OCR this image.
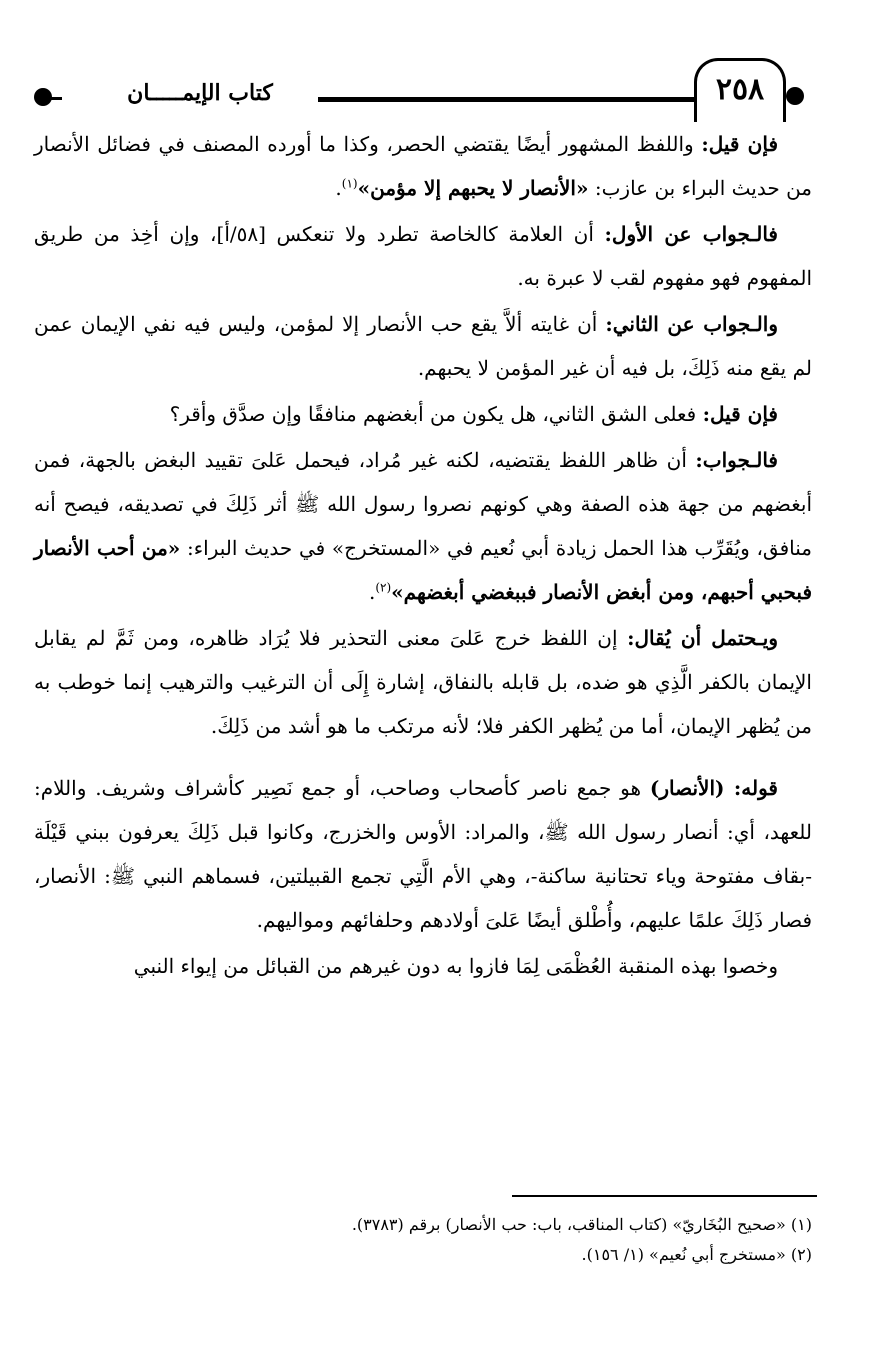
٢٥٨
كتاب الإيمـــــان

فإن قيل: واللفظ المشهور أيضًا يقتضي الحصر، وكذا ما أورده المصنف في فضائل الأنصار من حديث البراء بن عازب: «الأنصار لا يحبهم إلا مؤمن»$^{(١)}$.

فالـجواب عن الأول: أن العلامة كالخاصة تطرد ولا تنعكس [٥٨/أ]، وإن أخِذ من طريق المفهوم فهو مفهوم لقب لا عبرة به.

والـجواب عن الثاني: أن غايته ألاَّ يقع حب الأنصار إلا لمؤمن، وليس فيه نفي الإيمان عمن لم يقع منه ذَلِكَ، بل فيه أن غير المؤمن لا يحبهم.

فإن قيل: فعلى الشق الثاني، هل يكون من أبغضهم منافقًا وإن صدَّق وأقر؟

فالـجواب: أن ظاهر اللفظ يقتضيه، لكنه غير مُراد، فيحمل عَلىَ تقييد البغض بالجهة، فمن أبغضهم من جهة هذه الصفة وهي كونهم نصروا رسول الله ﷺ أثر ذَلِكَ في تصديقه، فيصح أنه منافق، ويُقَرِّب هذا الحمل زيادة أبي نُعيم في «المستخرج» في حديث البراء: «من أحب الأنصار فبحبي أحبهم، ومن أبغض الأنصار فببغضي أبغضهم»$^{(٢)}$.

ويـحتمل أن يُقال: إن اللفظ خرج عَلىَ معنى التحذير فلا يُرَاد ظاهره، ومن ثَمَّ لم يقابل الإيمان بالكفر الَّذِي هو ضده، بل قابله بالنفاق، إشارة إِلَى أن الترغيب والترهيب إنما خوطب به من يُظهر الإيمان، أما من يُظهر الكفر فلا؛ لأنه مرتكب ما هو أشد من ذَلِكَ.

قوله: (الأنصار) هو جمع ناصر كأصحاب وصاحب، أو جمع نَصِير كأشراف وشريف. واللام: للعهد، أي: أنصار رسول الله ﷺ، والمراد: الأوس والخزرج، وكانوا قبل ذَلِكَ يعرفون ببني قَيْلَة -بقاف مفتوحة وياء تحتانية ساكنة-، وهي الأم الَّتِي تجمع القبيلتين، فسماهم النبي ﷺ: الأنصار، فصار ذَلِكَ علمًا عليهم، وأُطْلق أيضًا عَلىَ أولادهم وحلفائهم ومواليهم.

وخصوا بهذه المنقبة العُظْمَى لِمَا فازوا به دون غيرهم من القبائل من إيواء النبي

(١) «صحيح البُخَاريّ» (كتاب المناقب، باب: حب الأنصار) برقم (٣٧٨٣).

(٢) «مستخرج أبي نُعيم» (١/ ١٥٦).
